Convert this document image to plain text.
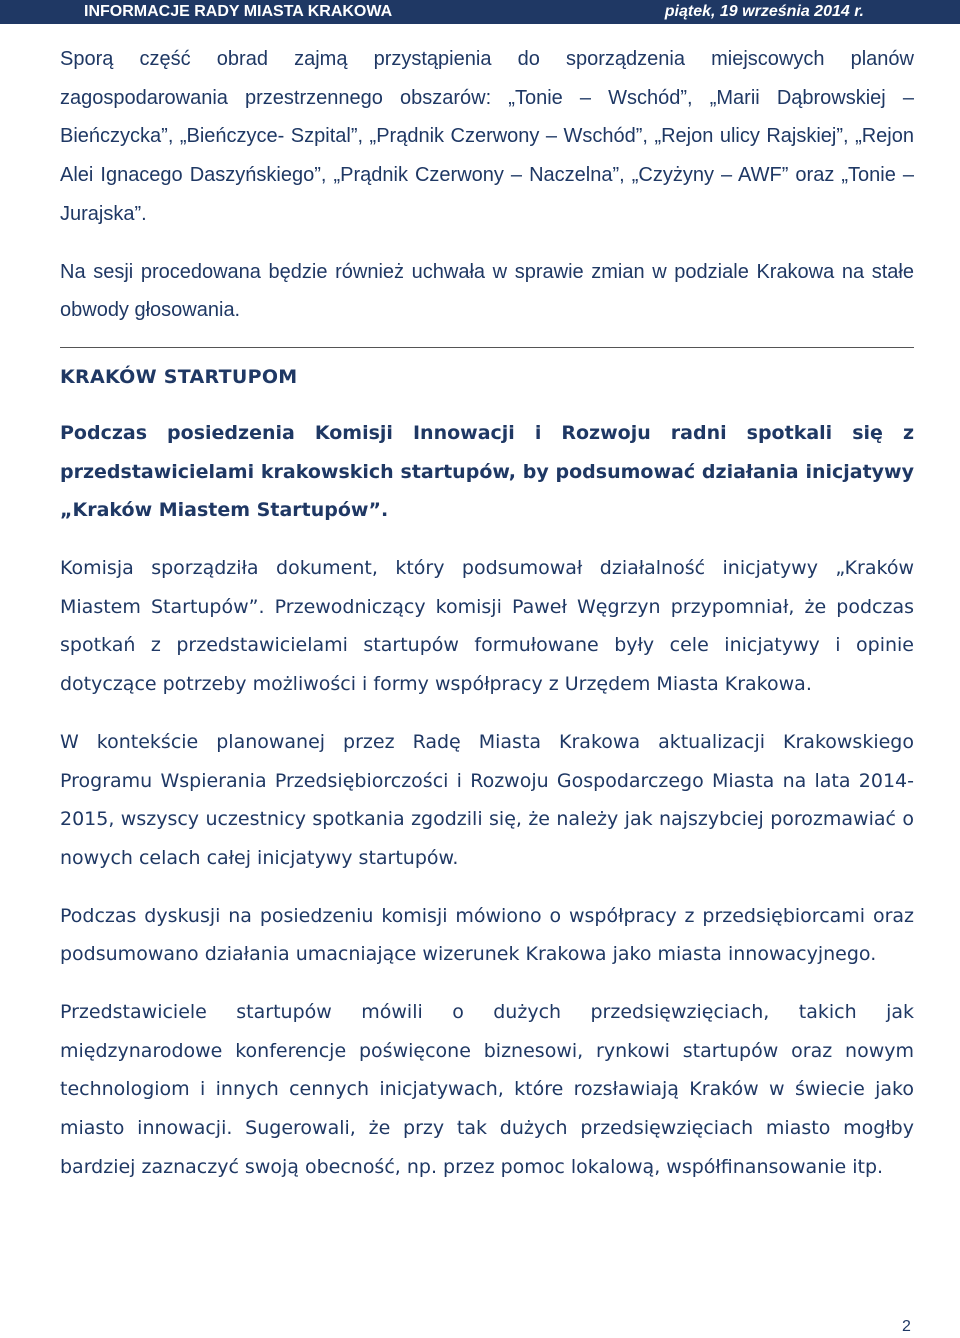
INFORMACJE RADY MIASTA KRAKOWA	piątek, 19 września 2014 r.

Sporą część obrad zajmą przystąpienia do sporządzenia miejscowych planów zagospodarowania przestrzennego obszarów: „Tonie – Wschód”, „Marii Dąbrowskiej – Bieńczycka”, „Bieńczyce- Szpital”, „Prądnik Czerwony – Wschód”, „Rejon ulicy Rajskiej”, „Rejon Alei Ignacego Daszyńskiego”, „Prądnik Czerwony – Naczelna”, „Czyżyny – AWF” oraz „Tonie – Jurajska”.

Na sesji procedowana będzie również uchwała w sprawie zmian w podziale Krakowa na stałe obwody głosowania.

KRAKÓW STARTUPOM

Podczas posiedzenia Komisji Innowacji i Rozwoju radni spotkali się z przedstawicielami krakowskich startupów, by podsumować działania inicjatywy „Kraków Miastem Startupów”.

Komisja sporządziła dokument, który podsumował działalność inicjatywy „Kraków Miastem Startupów”. Przewodniczący komisji Paweł Węgrzyn przypomniał, że podczas spotkań z przedstawicielami startupów formułowane były cele inicjatywy i opinie dotyczące potrzeby możliwości i formy współpracy z Urzędem Miasta Krakowa.

W kontekście planowanej przez Radę Miasta Krakowa aktualizacji Krakowskiego Programu Wspierania Przedsiębiorczości i Rozwoju Gospodarczego Miasta na lata 2014-2015, wszyscy uczestnicy spotkania zgodzili się, że należy jak najszybciej porozmawiać o nowych celach całej inicjatywy startupów.

Podczas dyskusji na posiedzeniu komisji mówiono o współpracy z przedsiębiorcami oraz podsumowano działania umacniające wizerunek Krakowa jako miasta innowacyjnego.

Przedstawiciele startupów mówili o dużych przedsięwzięciach, takich jak międzynarodowe konferencje poświęcone biznesowi, rynkowi startupów oraz nowym technologiom i innych cennych inicjatywach, które rozsławiają Kraków w świecie jako miasto innowacji. Sugerowali, że przy tak dużych przedsięwzięciach miasto mogłby bardziej zaznaczyć swoją obecność, np. przez pomoc lokalową, współfinansowanie itp.

2
